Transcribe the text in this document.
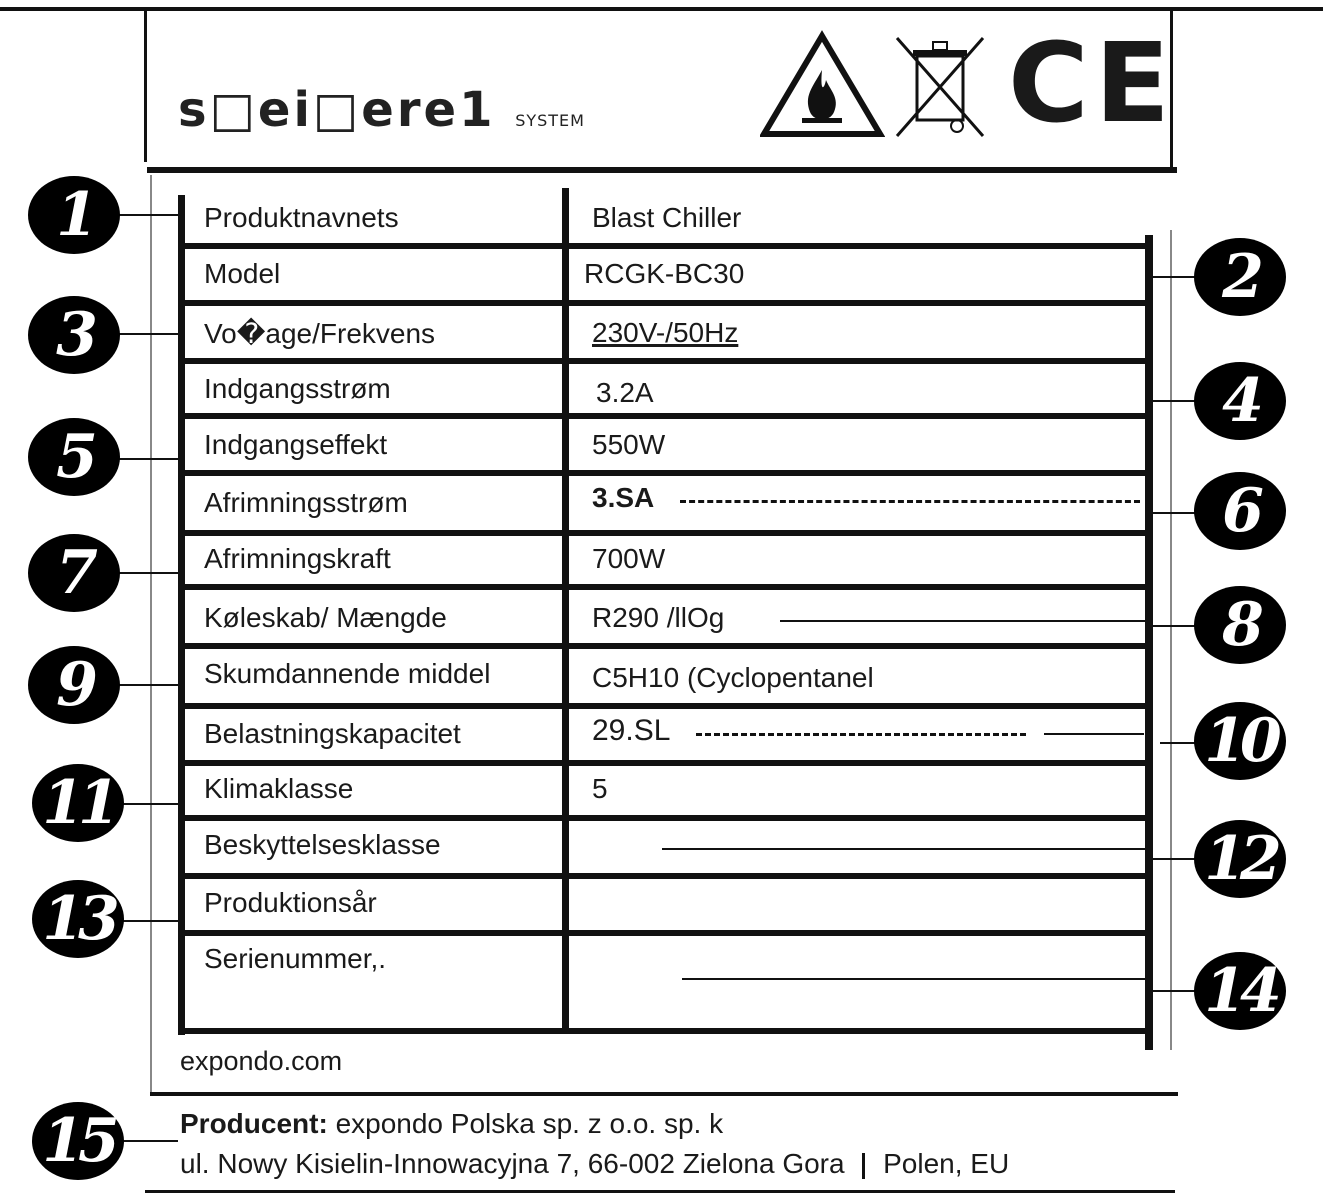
s□ei□ere1 SYSTEM	CE
Produktnavnets	Blast Chiller
Model	RCGK-BC30
Vo�age/Frekvens	230V-/50Hz
Indgangsstrøm	3.2A
Indgangseffekt	550W
Afrimningsstrøm	3.SA
Afrimningskraft	700W
Køleskab/ Mængde	R290 /llOg
Skumdannende middel	C5H10 (Cyclopentanel
Belastningskapacitet	29.SL
Klimaklasse	5
Beskyttelsesklasse
Produktionsår
Serienummer,.
1
3
5
7
9
11
13
15
2
4
6
8
10
12
14
expondo.com
Producent: expondo Polska sp. z o.o. sp. k
ul. Nowy Kisielin-Innowacyjna 7, 66-002 Zielona Gora Polen, EU
